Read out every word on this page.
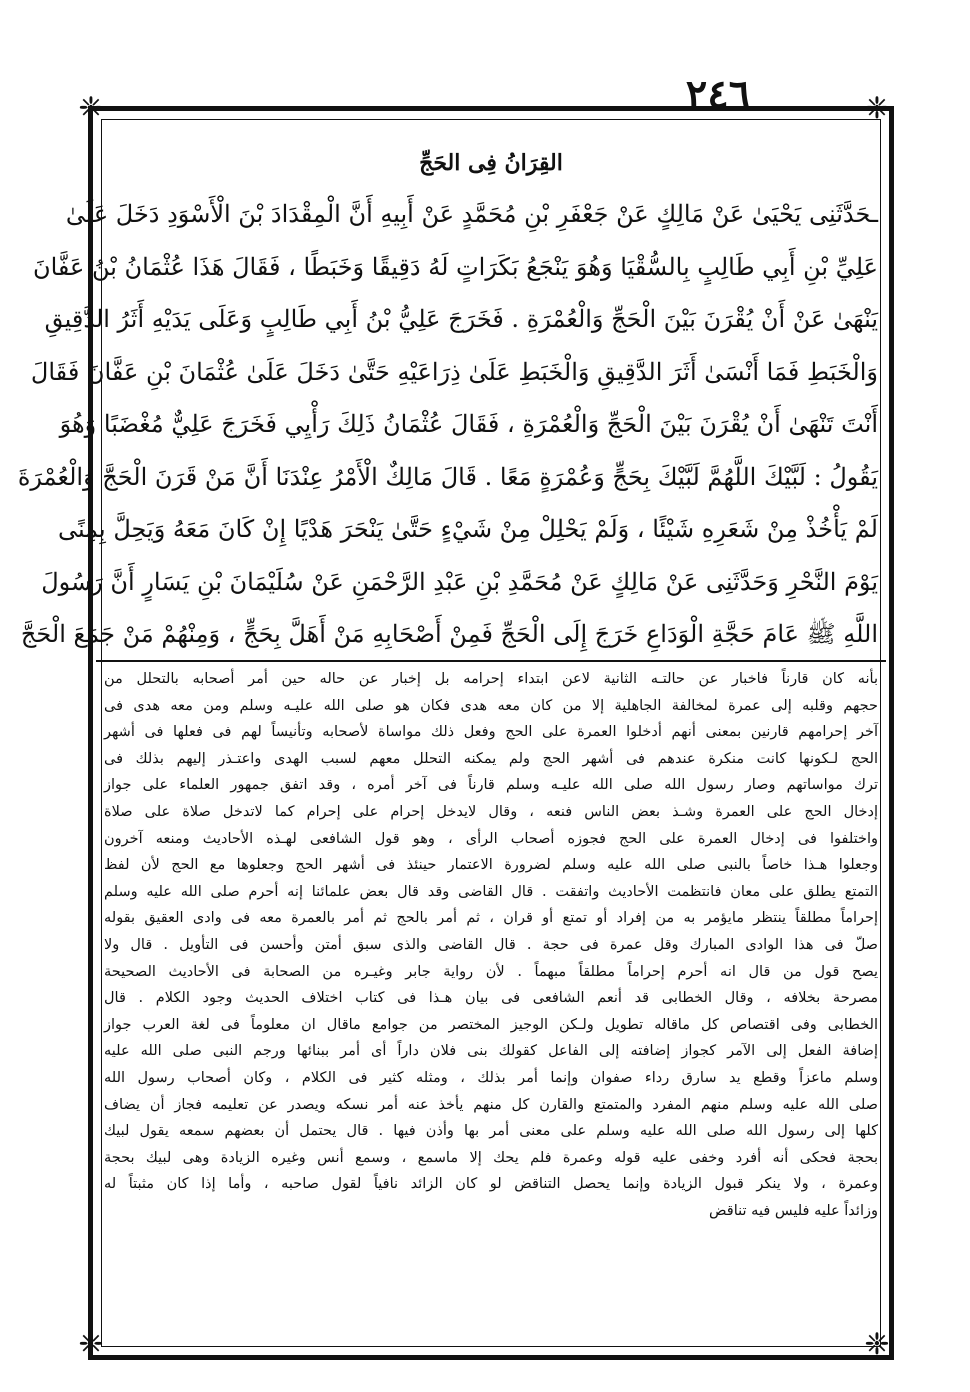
٢٤٦
❈	❈
❈	❈
القِرَانُ فِى الحَجِّ
ـحَدَّثَنِى يَحْيَىٰ عَنْ مَالِكٍ عَنْ جَعْفَرِ بْنِ مُحَمَّدٍ عَنْ أَبِيهِ أَنَّ الْمِقْدَادَ بْنَ الْأَسْوَدِ دَخَلَ عَلَىٰ
عَلِيِّ بْنِ أَبِي طَالِبٍ بِالسُّقْيَا وَهُوَ يَنْجَعُ بَكَرَاتٍ لَهُ دَقِيقًا وَخَبَطًا ، فَقَالَ هَذَا عُثْمَانُ بْنُ عَفَّانَ
يَنْهَىٰ عَنْ أَنْ يُقْرَنَ بَيْنَ الْحَجِّ وَالْعُمْرَةِ . فَخَرَجَ عَلِيُّ بْنُ أَبِي طَالِبٍ وَعَلَى يَدَيْهِ أَثَرُ الدَّقِيقِ
وَالْخَبَطِ فَمَا أَنْسَىٰ أَثَرَ الدَّقِيقِ وَالْخَبَطِ عَلَىٰ ذِرَاعَيْهِ حَتَّىٰ دَخَلَ عَلَىٰ عُثْمَانَ بْنِ عَفَّانَ فَقَالَ
أَنْتَ تَنْهَىٰ أَنْ يُقْرَنَ بَيْنَ الْحَجِّ وَالْعُمْرَةِ ، فَقَالَ عُثْمَانُ ذَلِكَ رَأْيِي فَخَرَجَ عَلِيٌّ مُغْضَبًا وَهُوَ
يَقُولُ : لَبَّيْكَ اللَّهُمَّ لَبَّيْكَ بِحَجٍّ وَعُمْرَةٍ مَعًا . قَالَ مَالِكٌ الْأَمْرُ عِنْدَنَا أَنَّ مَنْ قَرَنَ الْحَجَّ وَالْعُمْرَةَ
لَمْ يَأْخُذْ مِنْ شَعَرِهِ شَيْئًا ، وَلَمْ يَحْلِلْ مِنْ شَيْءٍ حَتَّىٰ يَنْحَرَ هَدْيًا إِنْ كَانَ مَعَهُ وَيَحِلَّ بِمِنًى
يَوْمَ النَّحْرِ وَحَدَّثَنِى عَنْ مَالِكٍ عَنْ مُحَمَّدِ بْنِ عَبْدِ الرَّحْمَنِ عَنْ سُلَيْمَانَ بْنِ يَسَارٍ أَنَّ رَسُولَ
اللَّهِ ﷺ عَامَ حَجَّةِ الْوَدَاعِ خَرَجَ إِلَى الْحَجِّ فَمِنْ أَصْحَابِهِ مَنْ أَهَلَّ بِحَجٍّ ، وَمِنْهُمْ مَنْ جَمَعَ الْحَجَّ
بأنه كان قارناً فاخبار عن حالتـه الثانية لاعن ابتداء إحرامه بل إخبار عن حاله حين أمر أصحابه بالتحلل من
حجهم وقلبه إلى عمرة لمخالفة الجاهلية إلا من كان معه هدى فكان هو صلى الله عليـه وسلم ومن معه هدى فى
آخر إحرامهم قارنين بمعنى أنهم أدخلوا العمرة على الحج وفعل ذلك مواساة لأصحابه وتأنيساً لهم فى فعلها فى أشهر
الحج لـكونها كانت منكرة عندهم فى أشهر الحج ولم يمكنه التحلل معهم لسبب الهدى واعتـذر إليهم بذلك فى
ترك مواساتهم وصار رسول الله صلى الله عليـه وسلم قارناً فى آخر أمره ، وقد اتفق جمهور العلماء على جواز
إدخال الحج على العمرة وشـذ بعض الناس فنعه ، وقال لايدخل إحرام على إحرام كما لاتدخل صلاة على صلاة
واختلفوا فى إدخال العمرة على الحج فجوزه أصحاب الرأى ، وهو قول الشافعى لهـذه الأحاديث ومنعه آخرون
وجعلوا هـذا خاصاً بالنبى صلى الله عليه وسلم لضرورة الاعتمار حينئذ فى أشهر الحج وجعلوها مع الحج لأن لفظ
التمتع يطلق على معان فانتظمت الأحاديث واتفقت . قال القاضى وقد قال بعض علمائنا إنه أحرم صلى الله عليه وسلم
إحراماً مطلقاً ينتظر مايؤمر به من إفراد أو تمتع أو قران ، ثم أمر بالحج ثم أمر بالعمرة معه فى وادى العقيق بقوله
صلّ فى هذا الوادى المبارك وقل عمرة فى حجة . قال القاضى والذى سبق أمتن وأحسن فى التأويل . قال ولا
يصح قول من قال انه أحرم إحراماً مطلقاً مبهماً . لأن رواية جابر وغيـره من الصحابة فى الأحاديث الصحيحة
مصرحة بخلافه ، وقال الخطابى قد أنعم الشافعى فى بيان هـذا فى كتاب اختلاف الحديث وجود الكلام . قال
الخطابى وفى اقتصاص كل ماقاله تطويل ولـكن الوجيز المختصر من جوامع ماقال ان معلوماً فى لغة العرب جواز
إضافة الفعل إلى الآمر كجواز إضافته إلى الفاعل كقولك بنى فلان داراً أى أمر ببنائها ورجم النبى صلى الله عليه
وسلم ماعزاً وقطع يد سارق رداء صفوان وإنما أمر بذلك ، ومثله كثير فى الكلام ، وكان أصحاب رسول الله
صلى الله عليه وسلم منهم المفرد والمتمتع والقارن كل منهم يأخذ عنه أمر نسكه ويصدر عن تعليمه فجاز أن يضاف
كلها إلى رسول الله صلى الله عليه وسلم على معنى أمر بها وأذن فيها . قال يحتمل أن بعضهم سمعه يقول لبيك
بحجة فحكى أنه أفرد وخفى عليه قوله وعمرة فلم يحك إلا ماسمع ، وسمع أنس وغيره الزيادة وهى لبيك بحجة
وعمرة ، ولا ينكر قبول الزيادة وإنما يحصل التناقض لو كان الزائد نافياً لقول صاحبه ، وأما إذا كان مثبتاً له
وزائداً عليه فليس فيه تناقض
